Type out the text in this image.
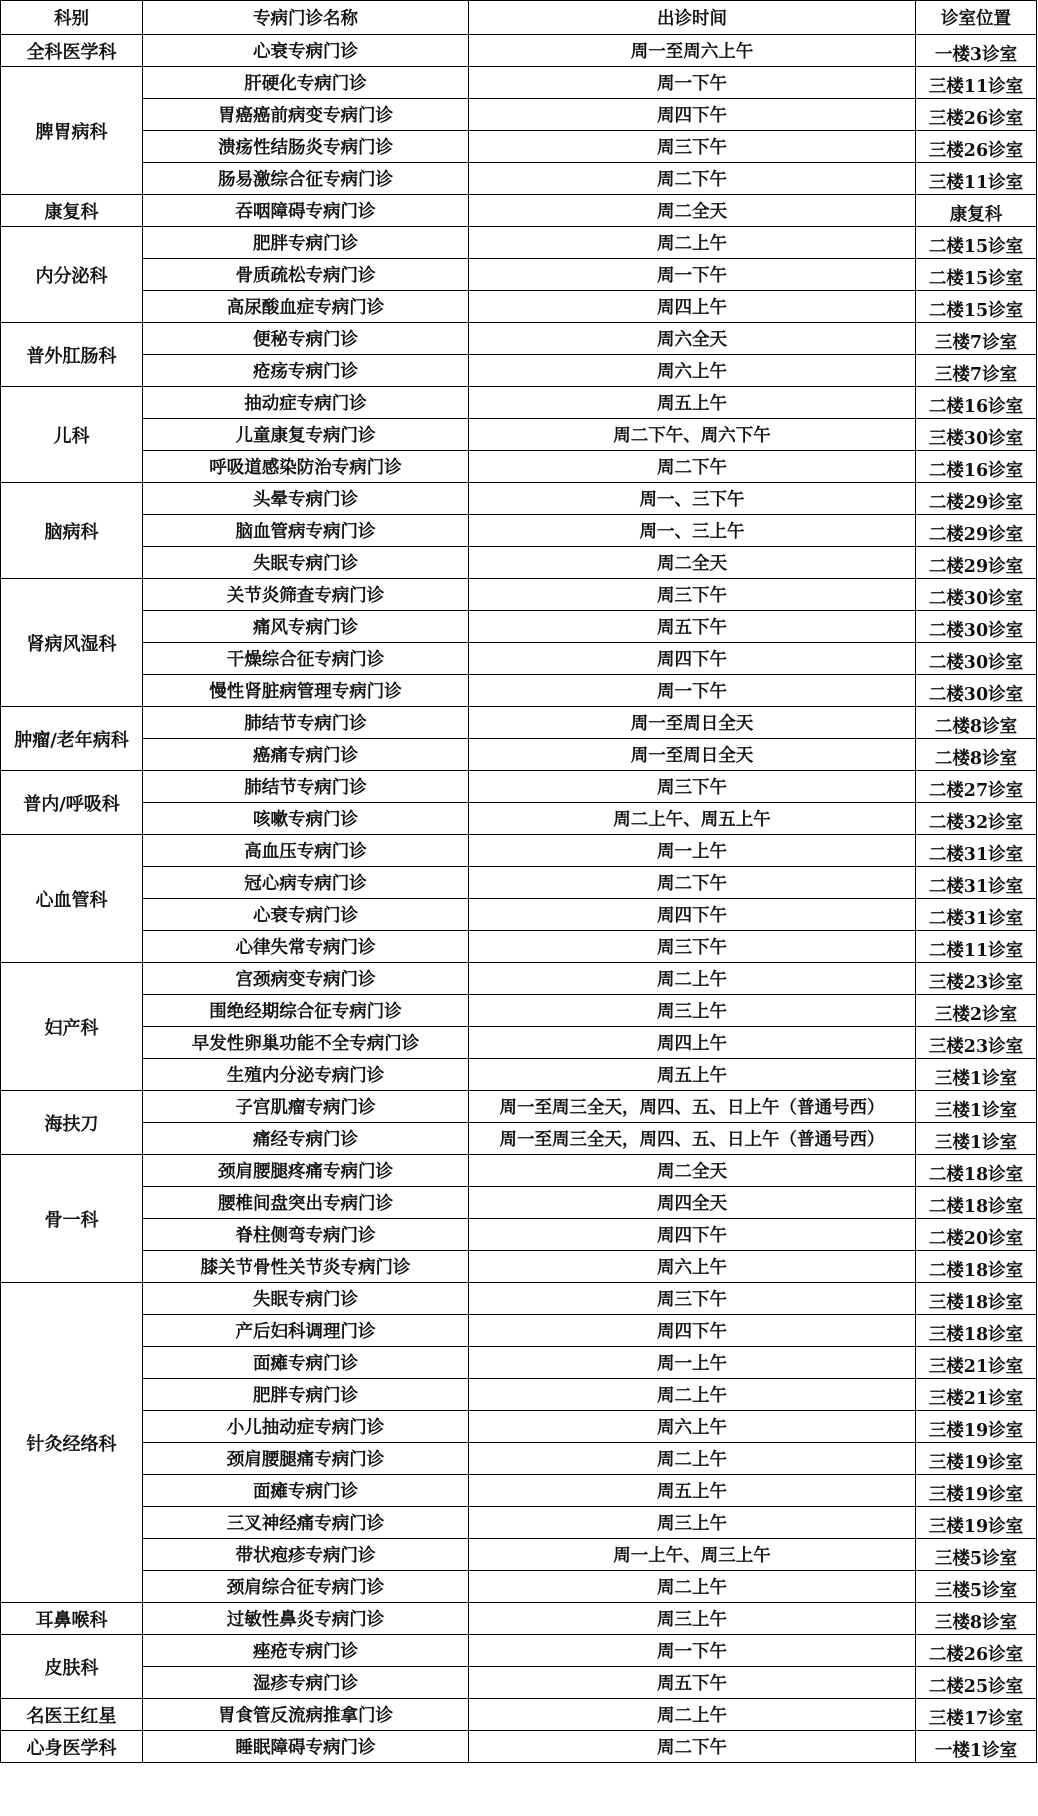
科别	专病门诊名称	出诊时间	诊室位置
全科医学科	心衰专病门诊	周一至周六上午	一楼3诊室
脾胃病科	肝硬化专病门诊	周一下午	三楼11诊室
	胃癌癌前病变专病门诊	周四下午	三楼26诊室
	溃疡性结肠炎专病门诊	周三下午	三楼26诊室
	肠易激综合征专病门诊	周二下午	三楼11诊室
康复科	吞咽障碍专病门诊	周二全天	康复科
内分泌科	肥胖专病门诊	周二上午	二楼15诊室
	骨质疏松专病门诊	周一下午	二楼15诊室
	高尿酸血症专病门诊	周四上午	二楼15诊室
普外肛肠科	便秘专病门诊	周六全天	三楼7诊室
	疮疡专病门诊	周六上午	三楼7诊室
儿科	抽动症专病门诊	周五上午	二楼16诊室
	儿童康复专病门诊	周二下午、周六下午	三楼30诊室
	呼吸道感染防治专病门诊	周二下午	二楼16诊室
脑病科	头晕专病门诊	周一、三下午	二楼29诊室
	脑血管病专病门诊	周一、三上午	二楼29诊室
	失眠专病门诊	周二全天	二楼29诊室
肾病风湿科	关节炎筛查专病门诊	周三下午	二楼30诊室
	痛风专病门诊	周五下午	二楼30诊室
	干燥综合征专病门诊	周四下午	二楼30诊室
	慢性肾脏病管理专病门诊	周一下午	二楼30诊室
肿瘤/老年病科	肺结节专病门诊	周一至周日全天	二楼8诊室
	癌痛专病门诊	周一至周日全天	二楼8诊室
普内/呼吸科	肺结节专病门诊	周三下午	二楼27诊室
	咳嗽专病门诊	周二上午、周五上午	二楼32诊室
心血管科	高血压专病门诊	周一上午	二楼31诊室
	冠心病专病门诊	周二下午	二楼31诊室
	心衰专病门诊	周四下午	二楼31诊室
	心律失常专病门诊	周三下午	二楼11诊室
妇产科	宫颈病变专病门诊	周二上午	三楼23诊室
	围绝经期综合征专病门诊	周三上午	三楼2诊室
	早发性卵巢功能不全专病门诊	周四上午	三楼23诊室
	生殖内分泌专病门诊	周五上午	三楼1诊室
海扶刀	子宫肌瘤专病门诊	周一至周三全天，周四、五、日上午（普通号西）	三楼1诊室
	痛经专病门诊	周一至周三全天，周四、五、日上午（普通号西）	三楼1诊室
骨一科	颈肩腰腿疼痛专病门诊	周二全天	二楼18诊室
	腰椎间盘突出专病门诊	周四全天	二楼18诊室
	脊柱侧弯专病门诊	周四下午	二楼20诊室
	膝关节骨性关节炎专病门诊	周六上午	二楼18诊室
针灸经络科	失眠专病门诊	周三下午	三楼18诊室
	产后妇科调理门诊	周四下午	三楼18诊室
	面瘫专病门诊	周一上午	三楼21诊室
	肥胖专病门诊	周二上午	三楼21诊室
	小儿抽动症专病门诊	周六上午	三楼19诊室
	颈肩腰腿痛专病门诊	周二上午	三楼19诊室
	面瘫专病门诊	周五上午	三楼19诊室
	三叉神经痛专病门诊	周三上午	三楼19诊室
	带状疱疹专病门诊	周一上午、周三上午	三楼5诊室
	颈肩综合征专病门诊	周二上午	三楼5诊室
耳鼻喉科	过敏性鼻炎专病门诊	周三上午	三楼8诊室
皮肤科	痤疮专病门诊	周一下午	二楼26诊室
	湿疹专病门诊	周五下午	二楼25诊室
名医王红星	胃食管反流病推拿门诊	周二上午	三楼17诊室
心身医学科	睡眠障碍专病门诊	周二下午	一楼1诊室
